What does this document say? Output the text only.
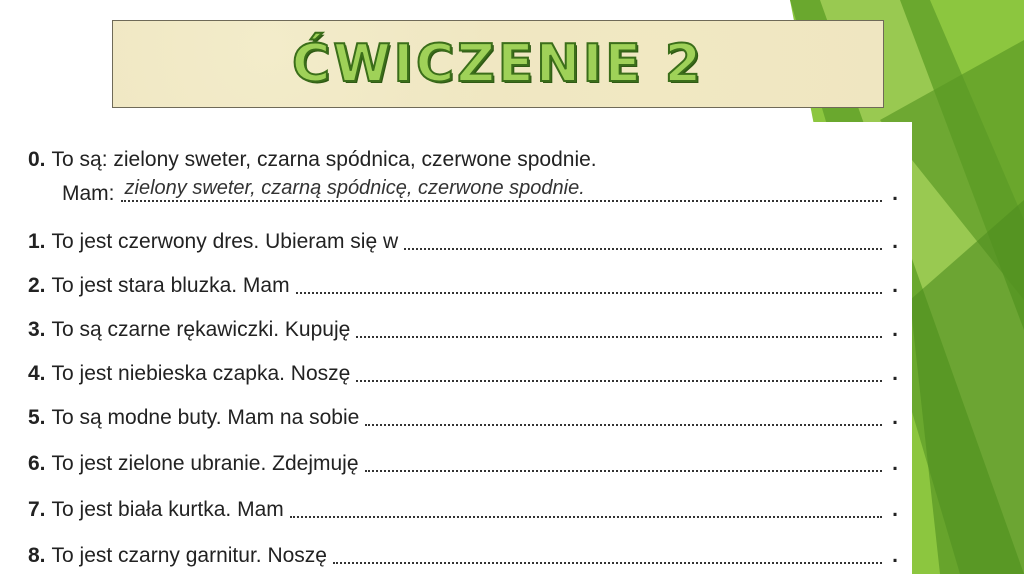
ĆWICZENIE 2
0. To są: zielony sweter, czarna spódnica, czerwone spodnie.
Mam: zielony sweter, czarną spódnicę, czerwone spodnie.	.
1. To jest czerwony dres. Ubieram się w	.
2. To jest stara bluzka. Mam	.
3. To są czarne rękawiczki. Kupuję	.
4. To jest niebieska czapka. Noszę	.
5. To są modne buty. Mam na sobie	.
6. To jest zielone ubranie. Zdejmuję	.
7. To jest biała kurtka. Mam	.
8. To jest czarny garnitur. Noszę	.
